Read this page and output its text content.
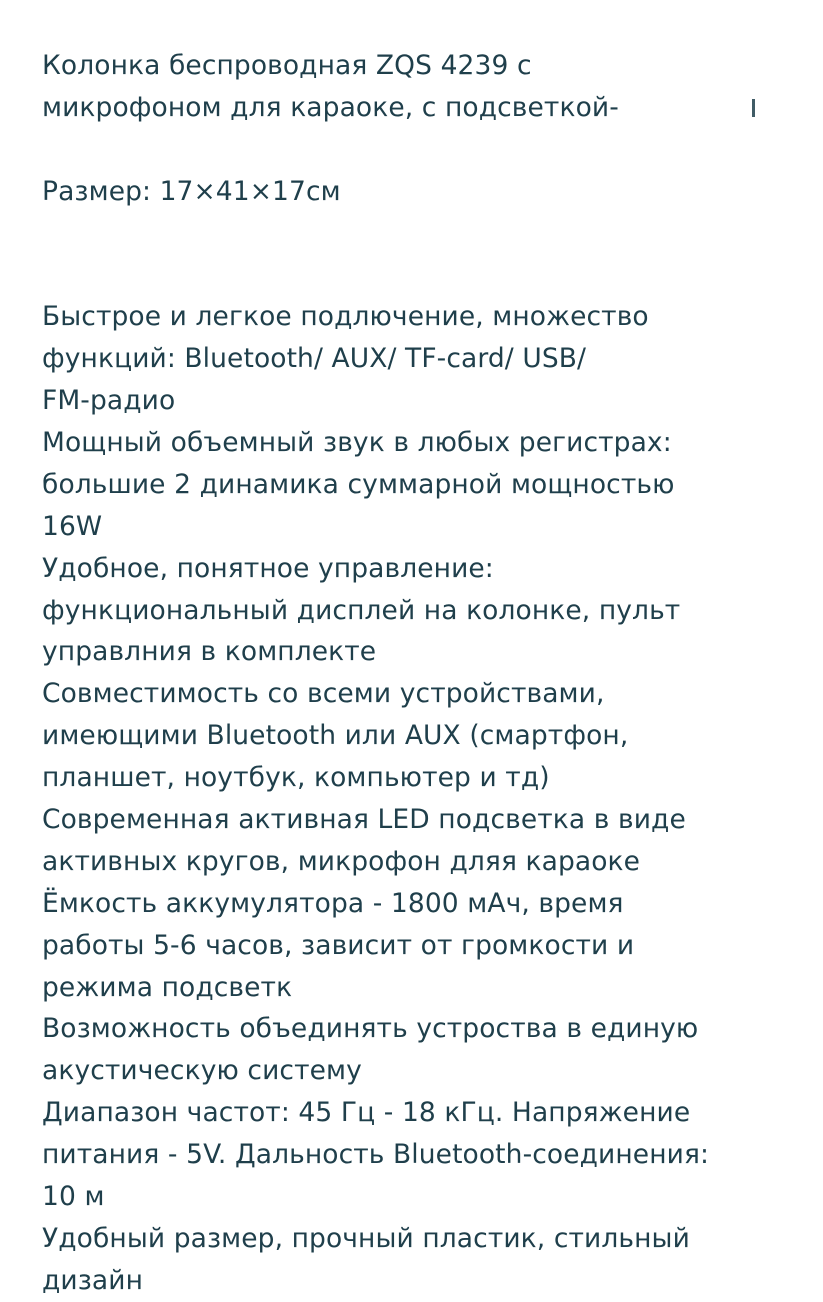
Колонка беспроводная ZQS 4239 с
микрофоном для караоке, с подсветкой-
Размер: 17×41×17см
Быстрое и легкое подлючение, множество
функций: Bluetooth/ AUX/ TF-card/ USB/
FM-радио
Мощный объемный звук в любых регистрах:
большие 2 динамика суммарной мощностью
16W
Удобное, понятное управление:
функциональный дисплей на колонке, пульт
управлния в комплекте
Совместимость со всеми устройствами,
имеющими Bluetooth или AUX (смартфон,
планшет, ноутбук, компьютер и тд)
Современная активная LED подсветка в виде
активных кругов, микрофон дляя караоке
Ёмкость аккумулятора - 1800 мАч, время
работы 5-6 часов, зависит от громкости и
режима подсветк
Возможность объединять устроства в единую
акустическую систему
Диапазон частот: 45 Гц - 18 кГц. Напряжение
питания - 5V. Дальность Bluetooth-соединения:
10 м
Удобный размер, прочный пластик, стильный
дизайн
